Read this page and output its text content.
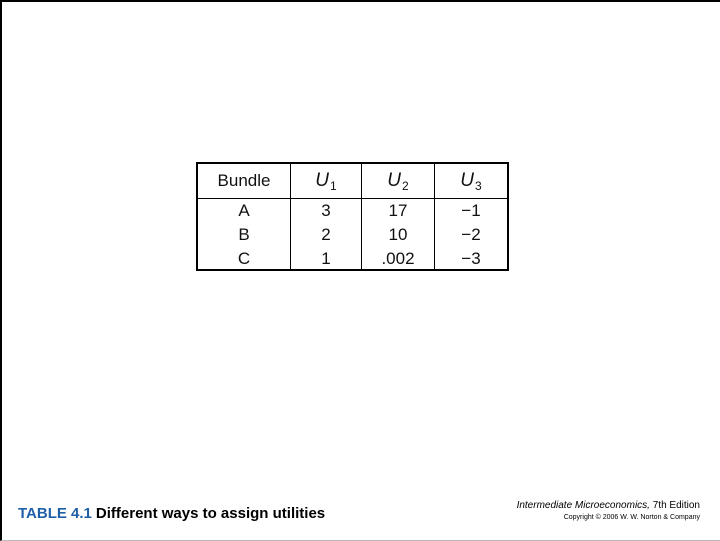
Bundle	$U_1$	$U_2$	$U_3$
A	3	17	−1
B	2	10	−2
C	1	.002	−3
TABLE 4.1 Different ways to assign utilities	Intermediate Microeconomics, 7th Edition
Copyright © 2006 W. W. Norton & Company
